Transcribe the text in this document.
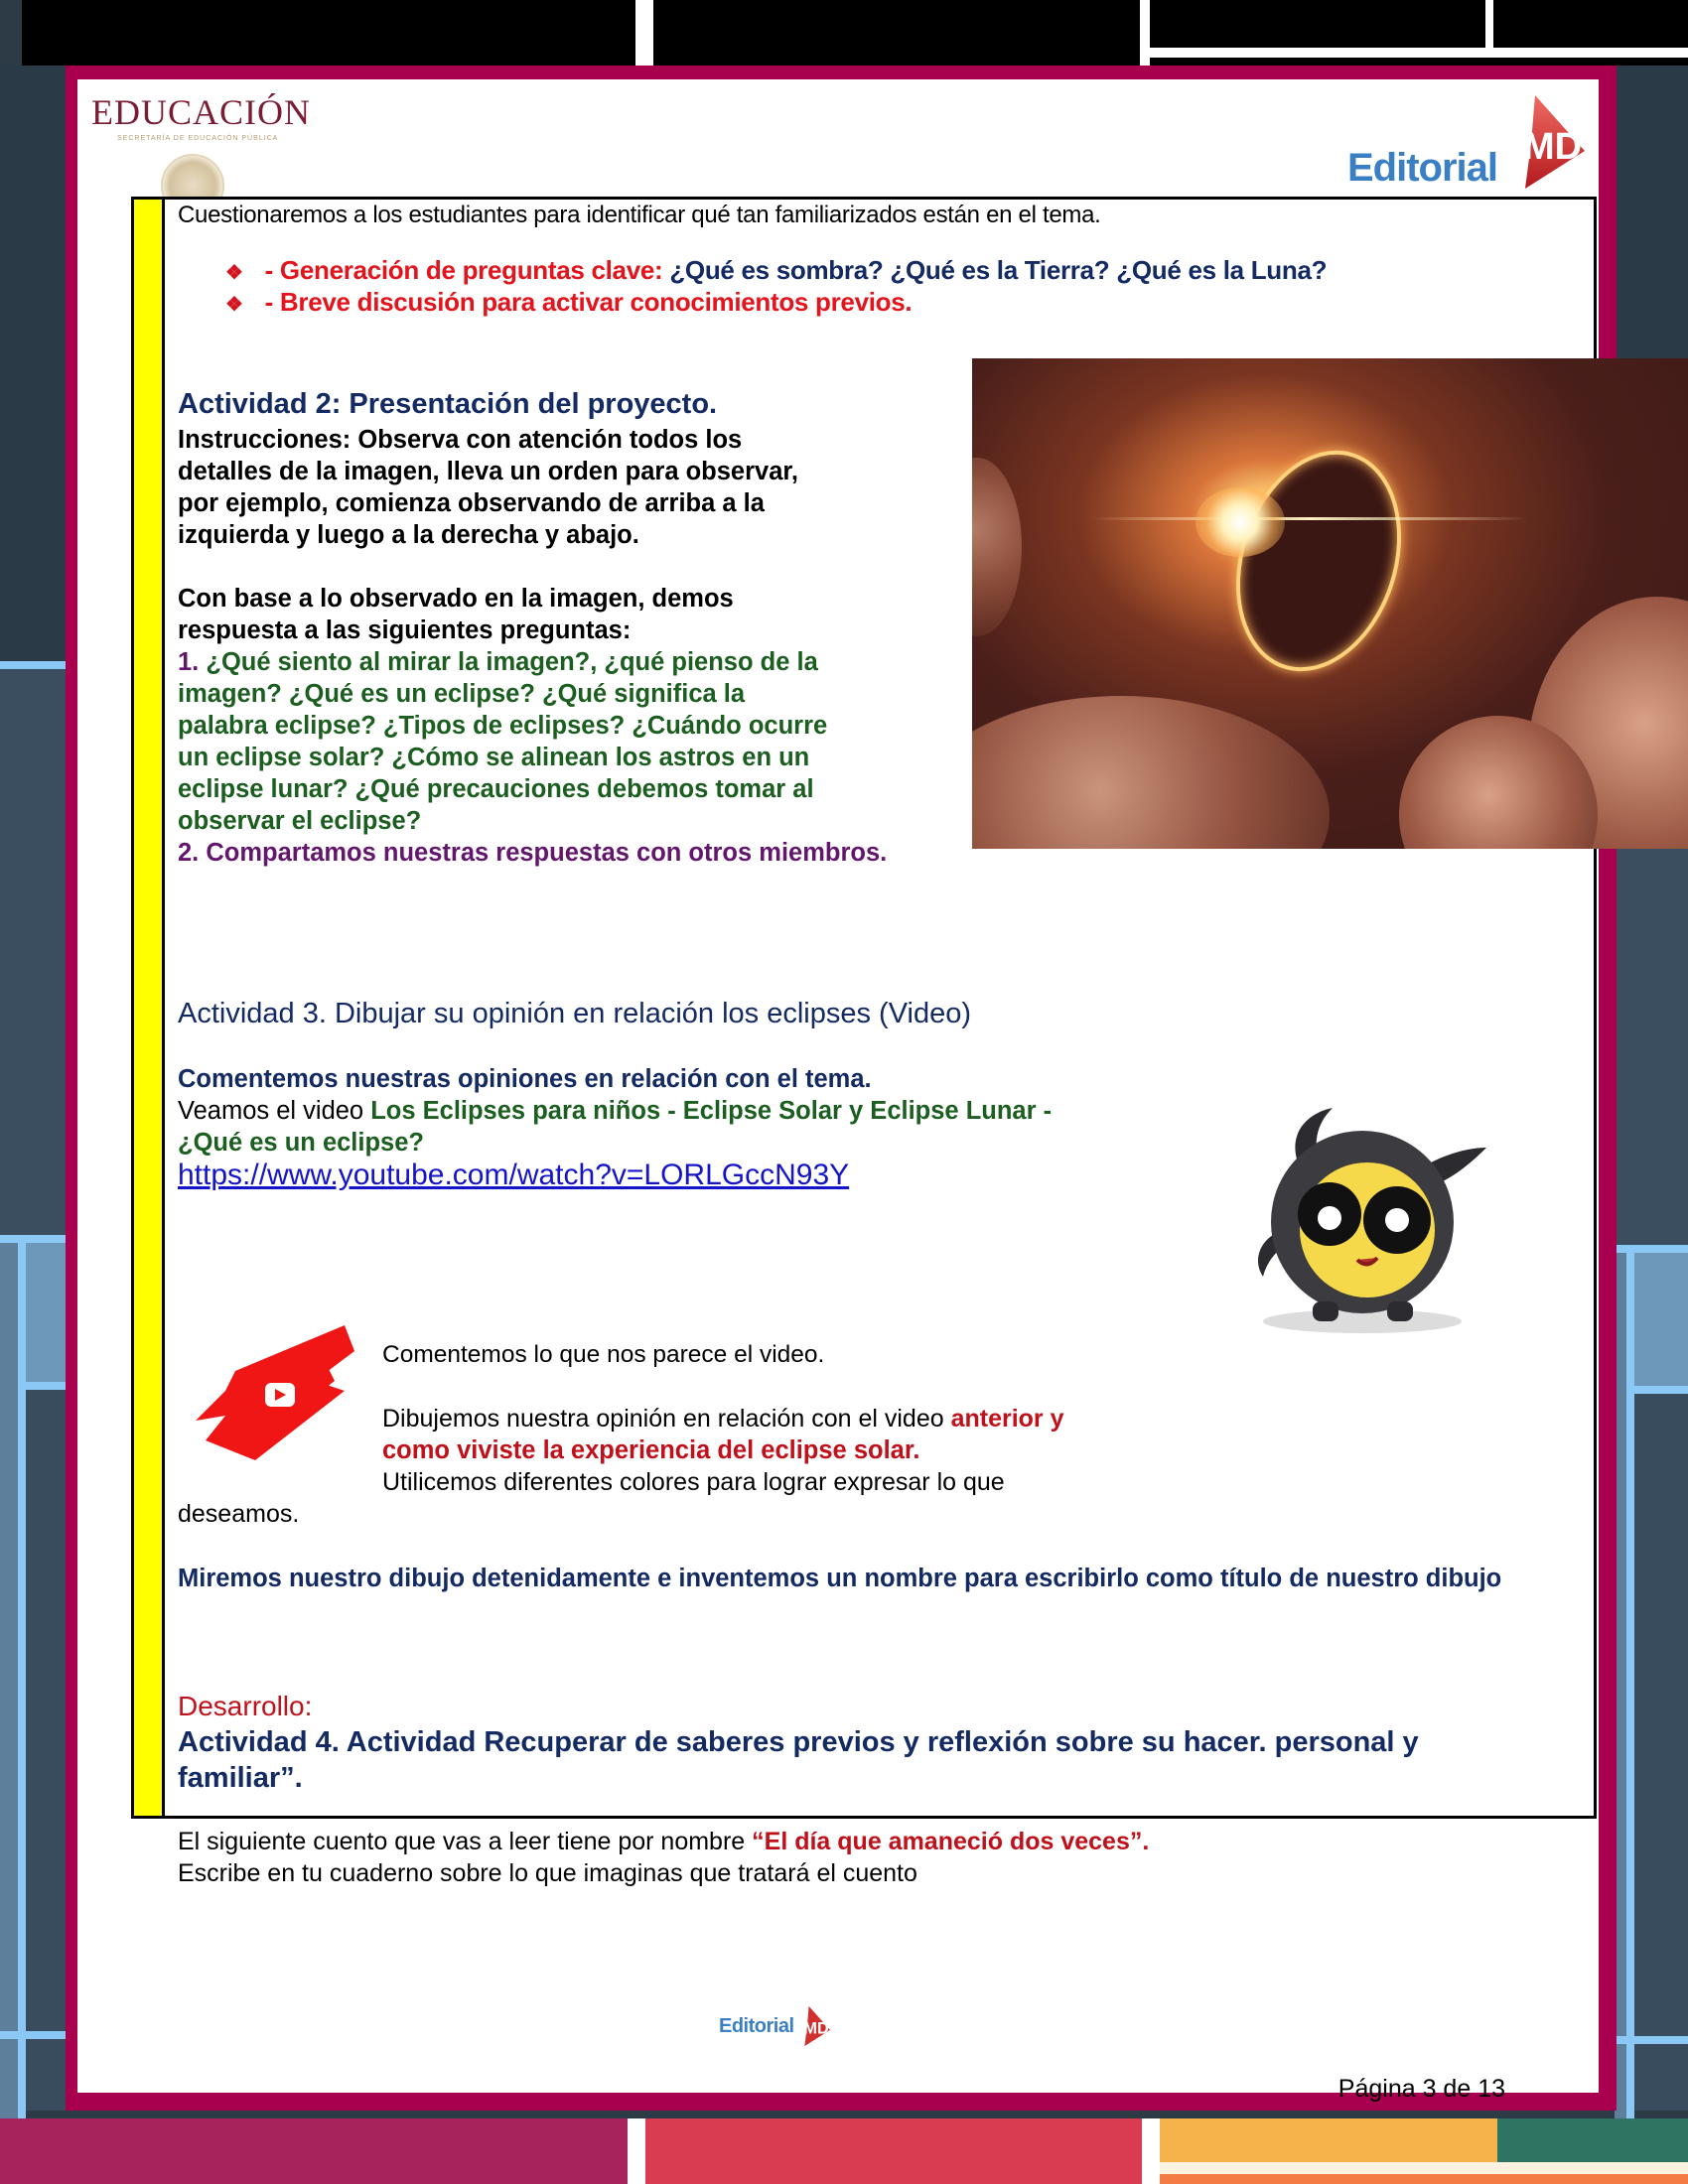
EDUCACIÓN
SECRETARÍA DE EDUCACIÓN PÚBLICA
Editorial MD

Cuestionaremos a los estudiantes para identificar qué tan familiarizados están en el tema.

❖ - Generación de preguntas clave: ¿Qué es sombra? ¿Qué es la Tierra? ¿Qué es la Luna?
❖ - Breve discusión para activar conocimientos previos.

Actividad 2: Presentación del proyecto.

Instrucciones: Observa con atención todos los detalles de la imagen, lleva un orden para observar, por ejemplo, comienza observando de arriba a la izquierda y luego a la derecha y abajo.
Con base a lo observado en la imagen, demos respuesta a las siguientes preguntas:
1. ¿Qué siento al mirar la imagen?, ¿qué pienso de la imagen? ¿Qué es un eclipse? ¿Qué significa la palabra eclipse? ¿Tipos de eclipses? ¿Cuándo ocurre un eclipse solar? ¿Cómo se alinean los astros en un eclipse lunar? ¿Qué precauciones debemos tomar al observar el eclipse?
2. Compartamos nuestras respuestas con otros miembros.

Actividad 3. Dibujar su opinión en relación los eclipses (Video)

Comentemos nuestras opiniones en relación con el tema.

Veamos el video Los Eclipses para niños - Eclipse Solar y Eclipse Lunar -

¿Qué es un eclipse?

https://www.youtube.com/watch?v=LORLGccN93Y

Comentemos lo que nos parece el video.

Dibujemos nuestra opinión en relación con el video anterior y

como viviste la experiencia del eclipse solar.

Utilicemos diferentes colores para lograr expresar lo que

deseamos.

Miremos nuestro dibujo detenidamente e inventemos un nombre para escribirlo como título de nuestro dibujo

Desarrollo:

Actividad 4. Actividad Recuperar de saberes previos y reflexión sobre su hacer. personal y familiar”.

El siguiente cuento que vas a leer tiene por nombre “El día que amaneció dos veces”.

Escribe en tu cuaderno sobre lo que imaginas que tratará el cuento

Editorial MD
Página 3 de 13
